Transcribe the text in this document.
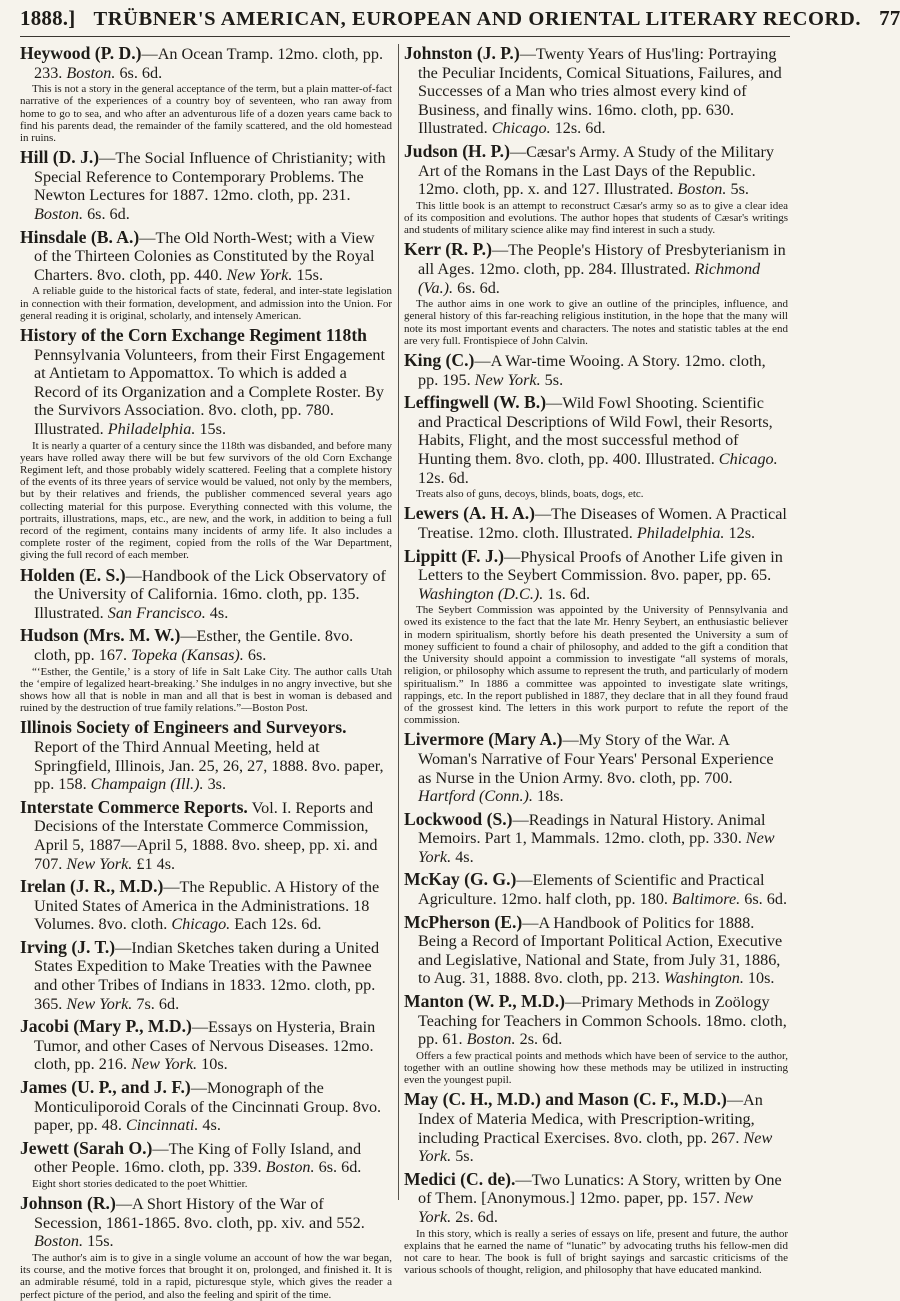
1888.] TRÜBNER'S AMERICAN, EUROPEAN AND ORIENTAL LITERARY RECORD. 77

Heywood (P. D.)—An Ocean Tramp. 12mo. cloth, pp. 233. Boston. 6s. 6d.

This is not a story in the general acceptance of the term, but a plain matter-of-fact narrative of the experiences of a country boy of seventeen, who ran away from home to go to sea, and who after an adventurous life of a dozen years came back to find his parents dead, the remainder of the family scattered, and the old homestead in ruins.

Hill (D. J.)—The Social Influence of Christianity; with Special Reference to Contemporary Problems. The Newton Lectures for 1887. 12mo. cloth, pp. 231. Boston. 6s. 6d.

Hinsdale (B. A.)—The Old North-West; with a View of the Thirteen Colonies as Constituted by the Royal Charters. 8vo. cloth, pp. 440. New York. 15s.

A reliable guide to the historical facts of state, federal, and inter-state legislation in connection with their formation, development, and admission into the Union. For general reading it is original, scholarly, and intensely American.

History of the Corn Exchange Regiment 118th Pennsylvania Volunteers, from their First Engagement at Antietam to Appomattox. To which is added a Record of its Organization and a Complete Roster. By the Survivors Association. 8vo. cloth, pp. 780. Illustrated. Philadelphia. 15s.

It is nearly a quarter of a century since the 118th was disbanded, and before many years have rolled away there will be but few survivors of the old Corn Exchange Regiment left, and those probably widely scattered. Feeling that a complete history of the events of its three years of service would be valued, not only by the members, but by their relatives and friends, the publisher commenced several years ago collecting material for this purpose. Everything connected with this volume, the portraits, illustrations, maps, etc., are new, and the work, in addition to being a full record of the regiment, contains many incidents of army life. It also includes a complete roster of the regiment, copied from the rolls of the War Department, giving the full record of each member.

Holden (E. S.)—Handbook of the Lick Observatory of the University of California. 16mo. cloth, pp. 135. Illustrated. San Francisco. 4s.

Hudson (Mrs. M. W.)—Esther, the Gentile. 8vo. cloth, pp. 167. Topeka (Kansas). 6s.

“‘Esther, the Gentile,’ is a story of life in Salt Lake City. The author calls Utah the ‘empire of legalized heart-breaking.’ She indulges in no angry invective, but she shows how all that is noble in man and all that is best in woman is debased and ruined by the destruction of true family relations.”—Boston Post.

Illinois Society of Engineers and Surveyors. Report of the Third Annual Meeting, held at Springfield, Illinois, Jan. 25, 26, 27, 1888. 8vo. paper, pp. 158. Champaign (Ill.). 3s.

Interstate Commerce Reports. Vol. I. Reports and Decisions of the Interstate Commerce Commission, April 5, 1887—April 5, 1888. 8vo. sheep, pp. xi. and 707. New York. £1 4s.

Irelan (J. R., M.D.)—The Republic. A History of the United States of America in the Administrations. 18 Volumes. 8vo. cloth. Chicago. Each 12s. 6d.

Irving (J. T.)—Indian Sketches taken during a United States Expedition to Make Treaties with the Pawnee and other Tribes of Indians in 1833. 12mo. cloth, pp. 365. New York. 7s. 6d.

Jacobi (Mary P., M.D.)—Essays on Hysteria, Brain Tumor, and other Cases of Nervous Diseases. 12mo. cloth, pp. 216. New York. 10s.

James (U. P., and J. F.)—Monograph of the Monticuliporoid Corals of the Cincinnati Group. 8vo. paper, pp. 48. Cincinnati. 4s.

Jewett (Sarah O.)—The King of Folly Island, and other People. 16mo. cloth, pp. 339. Boston. 6s. 6d.

Eight short stories dedicated to the poet Whittier.

Johnson (R.)—A Short History of the War of Secession, 1861-1865. 8vo. cloth, pp. xiv. and 552. Boston. 15s.

The author's aim is to give in a single volume an account of how the war began, its course, and the motive forces that brought it on, prolonged, and finished it. It is an admirable résumé, told in a rapid, picturesque style, which gives the reader a perfect picture of the period, and also the feeling and spirit of the time.

Johnston (J. P.)—Twenty Years of Hus'ling: Portraying the Peculiar Incidents, Comical Situations, Failures, and Successes of a Man who tries almost every kind of Business, and finally wins. 16mo. cloth, pp. 630. Illustrated. Chicago. 12s. 6d.

Judson (H. P.)—Cæsar's Army. A Study of the Military Art of the Romans in the Last Days of the Republic. 12mo. cloth, pp. x. and 127. Illustrated. Boston. 5s.

This little book is an attempt to reconstruct Cæsar's army so as to give a clear idea of its composition and evolutions. The author hopes that students of Cæsar's writings and students of military science alike may find interest in such a study.

Kerr (R. P.)—The People's History of Presbyterianism in all Ages. 12mo. cloth, pp. 284. Illustrated. Richmond (Va.). 6s. 6d.

The author aims in one work to give an outline of the principles, influence, and general history of this far-reaching religious institution, in the hope that the many will note its most important events and characters. The notes and statistic tables at the end are very full. Frontispiece of John Calvin.

King (C.)—A War-time Wooing. A Story. 12mo. cloth, pp. 195. New York. 5s.

Leffingwell (W. B.)—Wild Fowl Shooting. Scientific and Practical Descriptions of Wild Fowl, their Resorts, Habits, Flight, and the most successful method of Hunting them. 8vo. cloth, pp. 400. Illustrated. Chicago. 12s. 6d.

Treats also of guns, decoys, blinds, boats, dogs, etc.

Lewers (A. H. A.)—The Diseases of Women. A Practical Treatise. 12mo. cloth. Illustrated. Philadelphia. 12s.

Lippitt (F. J.)—Physical Proofs of Another Life given in Letters to the Seybert Commission. 8vo. paper, pp. 65. Washington (D.C.). 1s. 6d.

The Seybert Commission was appointed by the University of Pennsylvania and owed its existence to the fact that the late Mr. Henry Seybert, an enthusiastic believer in modern spiritualism, shortly before his death presented the University a sum of money sufficient to found a chair of philosophy, and added to the gift a condition that the University should appoint a commission to investigate “all systems of morals, religion, or philosophy which assume to represent the truth, and particularly of modern spiritualism.” In 1886 a committee was appointed to investigate slate writings, rappings, etc. In the report published in 1887, they declare that in all they found fraud of the grossest kind. The letters in this work purport to refute the report of the commission.

Livermore (Mary A.)—My Story of the War. A Woman's Narrative of Four Years' Personal Experience as Nurse in the Union Army. 8vo. cloth, pp. 700. Hartford (Conn.). 18s.

Lockwood (S.)—Readings in Natural History. Animal Memoirs. Part 1, Mammals. 12mo. cloth, pp. 330. New York. 4s.

McKay (G. G.)—Elements of Scientific and Practical Agriculture. 12mo. half cloth, pp. 180. Baltimore. 6s. 6d.

McPherson (E.)—A Handbook of Politics for 1888. Being a Record of Important Political Action, Executive and Legislative, National and State, from July 31, 1886, to Aug. 31, 1888. 8vo. cloth, pp. 213. Washington. 10s.

Manton (W. P., M.D.)—Primary Methods in Zoölogy Teaching for Teachers in Common Schools. 18mo. cloth, pp. 61. Boston. 2s. 6d.

Offers a few practical points and methods which have been of service to the author, together with an outline showing how these methods may be utilized in instructing even the youngest pupil.

May (C. H., M.D.) and Mason (C. F., M.D.)—An Index of Materia Medica, with Prescription-writing, including Practical Exercises. 8vo. cloth, pp. 267. New York. 5s.

Medici (C. de).—Two Lunatics: A Story, written by One of Them. [Anonymous.] 12mo. paper, pp. 157. New York. 2s. 6d.

In this story, which is really a series of essays on life, present and future, the author explains that he earned the name of “lunatic” by advocating truths his fellow-men did not care to hear. The book is full of bright sayings and sarcastic criticisms of the various schools of thought, religion, and philosophy that have educated mankind.
